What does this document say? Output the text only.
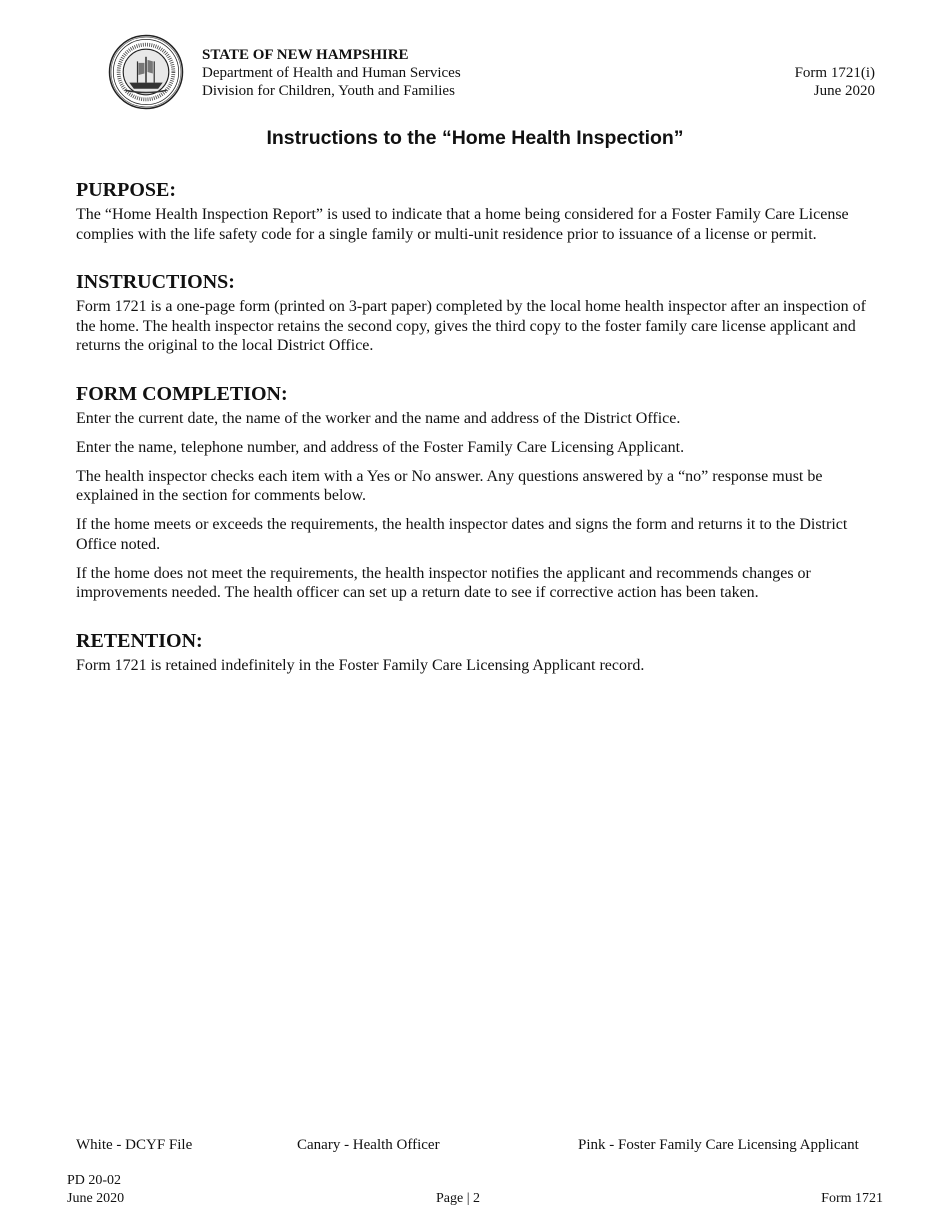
STATE OF NEW HAMPSHIRE
Department of Health and Human Services
Division for Children, Youth and Families
Form 1721(i)
June 2020
Instructions to the “Home Health Inspection”
PURPOSE:

The “Home Health Inspection Report” is used to indicate that a home being considered for a Foster Family Care License complies with the life safety code for a single family or multi-unit residence prior to issuance of a license or permit.

INSTRUCTIONS:

Form 1721 is a one-page form (printed on 3-part paper) completed by the local home health inspector after an inspection of the home. The health inspector retains the second copy, gives the third copy to the foster family care license applicant and returns the original to the local District Office.

FORM COMPLETION:

Enter the current date, the name of the worker and the name and address of the District Office.

Enter the name, telephone number, and address of the Foster Family Care Licensing Applicant.

The health inspector checks each item with a Yes or No answer. Any questions answered by a “no” response must be explained in the section for comments below.

If the home meets or exceeds the requirements, the health inspector dates and signs the form and returns it to the District Office noted.

If the home does not meet the requirements, the health inspector notifies the applicant and recommends changes or improvements needed. The health officer can set up a return date to see if corrective action has been taken.

RETENTION:

Form 1721 is retained indefinitely in the Foster Family Care Licensing Applicant record.

White - DCYF File	Canary - Health Officer	Pink - Foster Family Care Licensing Applicant
PD 20-02
June 2020	Page | 2	Form 1721
